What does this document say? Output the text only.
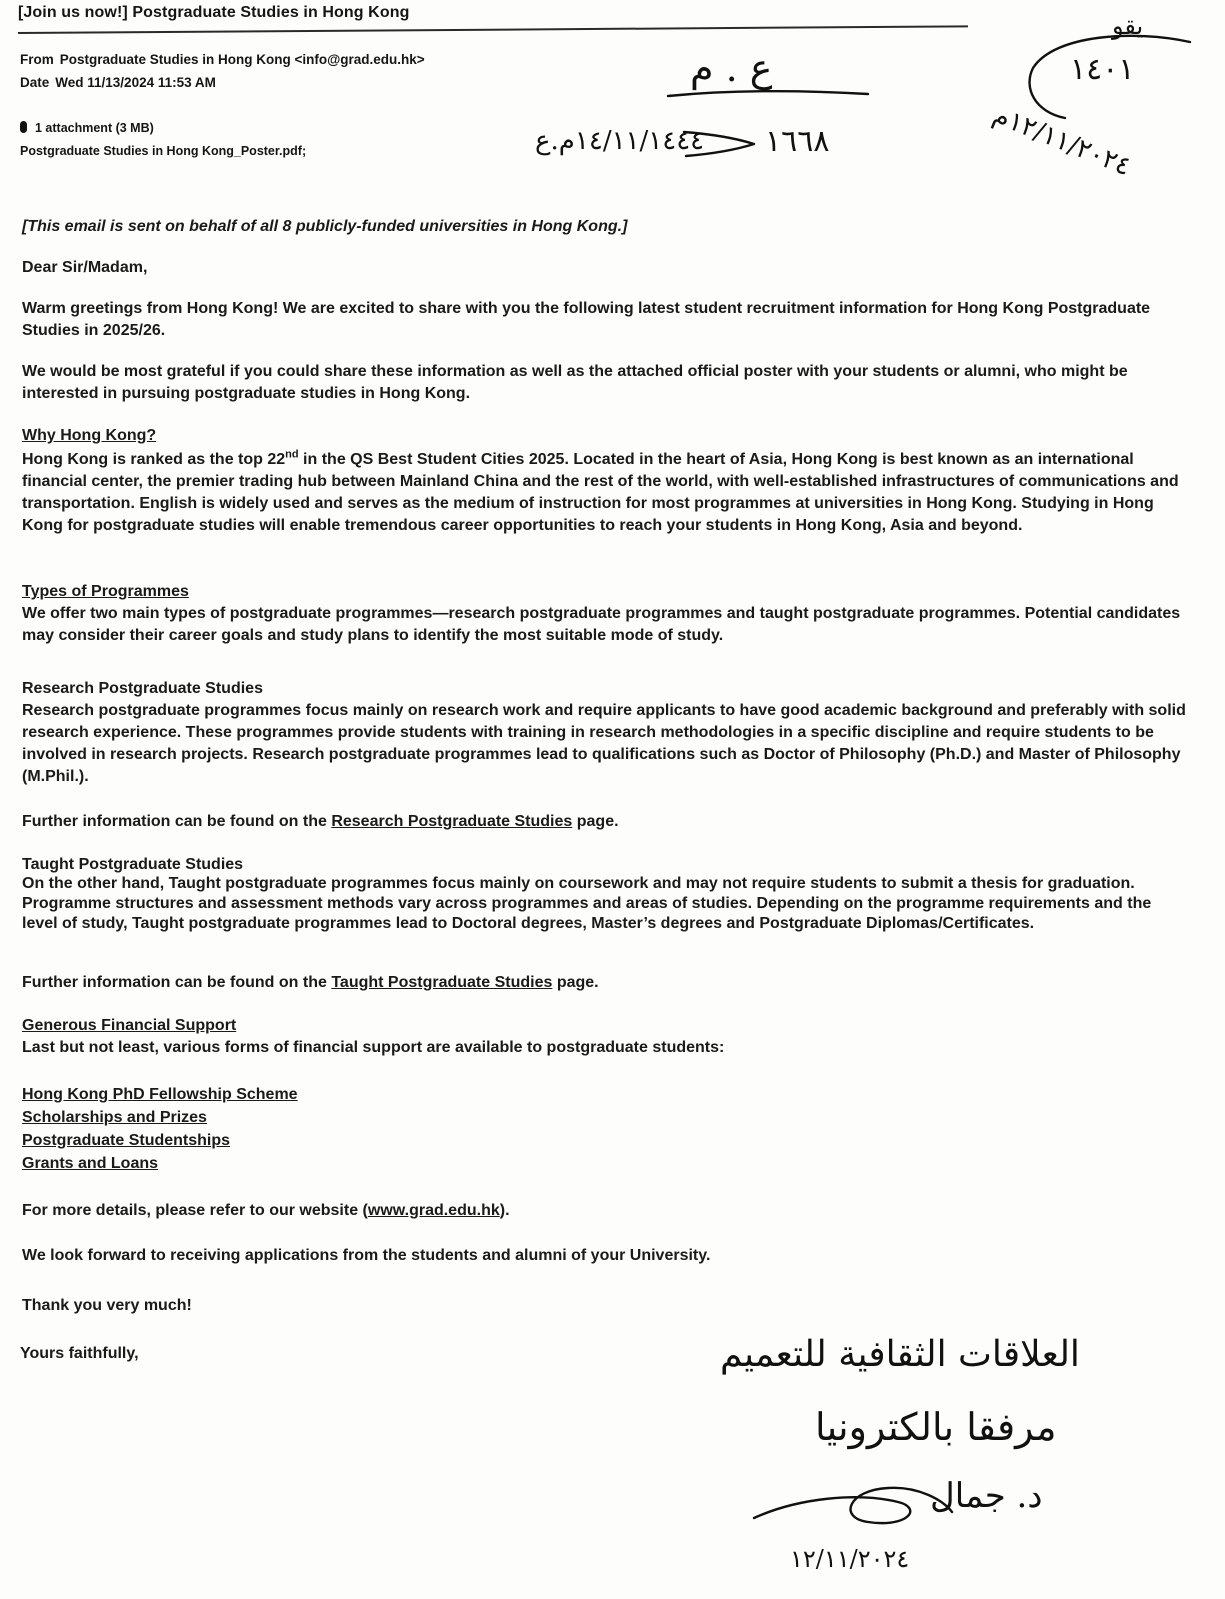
[Join us now!] Postgraduate Studies in Hong Kong
From Postgraduate Studies in Hong Kong <info@grad.edu.hk>
Date Wed 11/13/2024 11:53 AM
1 attachment (3 MB)
Postgraduate Studies in Hong Kong_Poster.pdf;
ع . م
١٤/١١/١٤٤٤م.ع ١٦٦٨
يقو
١٤٠١
١٢/١١/٢٠٢٤م
العلاقات الثقافية للتعميم
مرفقا بالكترونيا
د. جمال
١٢/١١/٢٠٢٤

[This email is sent on behalf of all 8 publicly-funded universities in Hong Kong.]

Dear Sir/Madam,

Warm greetings from Hong Kong! We are excited to share with you the following latest student recruitment information for Hong Kong Postgraduate Studies in 2025/26.

We would be most grateful if you could share these information as well as the attached official poster with your students or alumni, who might be interested in pursuing postgraduate studies in Hong Kong.

Why Hong Kong?

Hong Kong is ranked as the top 22nd in the QS Best Student Cities 2025. Located in the heart of Asia, Hong Kong is best known as an international financial center, the premier trading hub between Mainland China and the rest of the world, with well-established infrastructures of communications and transportation. English is widely used and serves as the medium of instruction for most programmes at universities in Hong Kong. Studying in Hong Kong for postgraduate studies will enable tremendous career opportunities to reach your students in Hong Kong, Asia and beyond.

Types of Programmes

We offer two main types of postgraduate programmes—research postgraduate programmes and taught postgraduate programmes. Potential candidates may consider their career goals and study plans to identify the most suitable mode of study.

Research Postgraduate Studies

Research postgraduate programmes focus mainly on research work and require applicants to have good academic background and preferably with solid research experience. These programmes provide students with training in research methodologies in a specific discipline and require students to be involved in research projects. Research postgraduate programmes lead to qualifications such as Doctor of Philosophy (Ph.D.) and Master of Philosophy (M.Phil.).

Further information can be found on the Research Postgraduate Studies page.

Taught Postgraduate Studies

On the other hand, Taught postgraduate programmes focus mainly on coursework and may not require students to submit a thesis for graduation. Programme structures and assessment methods vary across programmes and areas of studies. Depending on the programme requirements and the level of study, Taught postgraduate programmes lead to Doctoral degrees, Master’s degrees and Postgraduate Diplomas/Certificates.

Further information can be found on the Taught Postgraduate Studies page.

Generous Financial Support

Last but not least, various forms of financial support are available to postgraduate students:

Hong Kong PhD Fellowship Scheme

Scholarships and Prizes

Postgraduate Studentships

Grants and Loans

For more details, please refer to our website (www.grad.edu.hk).

We look forward to receiving applications from the students and alumni of your University.

Thank you very much!

Yours faithfully,
